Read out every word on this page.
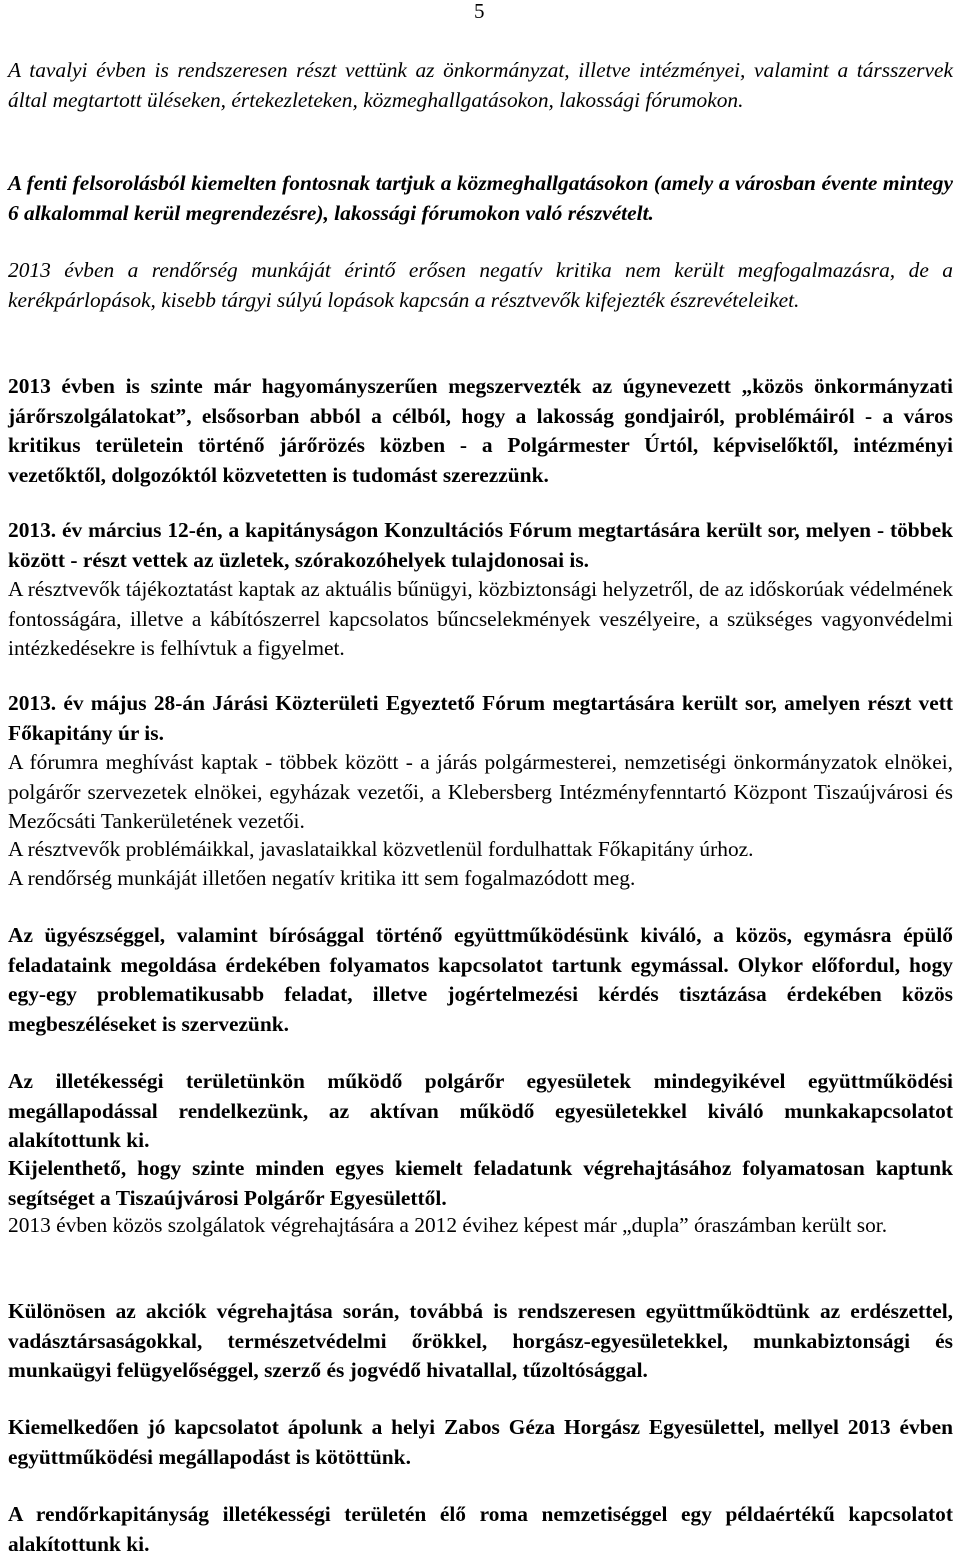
5

A tavalyi évben is rendszeresen részt vettünk az önkormányzat, illetve intézményei, valamint a társszervek által megtartott üléseken, értekezleteken, közmeghallgatásokon, lakossági fórumokon.

A fenti felsorolásból kiemelten fontosnak tartjuk a közmeghallgatásokon (amely a városban évente mintegy 6 alkalommal kerül megrendezésre), lakossági fórumokon való részvételt.

2013 évben a rendőrség munkáját érintő erősen negatív kritika nem került megfogalmazásra, de a kerékpárlopások, kisebb tárgyi súlyú lopások kapcsán a résztvevők kifejezték észrevételeiket.

2013 évben is szinte már hagyományszerűen megszervezték az úgynevezett „közös önkormányzati járőrszolgálatokat”, elsősorban abból a célból, hogy a lakosság gondjairól, problémáiról - a város kritikus területein történő járőrözés közben - a Polgármester Úrtól, képviselőktől, intézményi vezetőktől, dolgozóktól közvetetten is tudomást szerezzünk.

2013. év március 12-én, a kapitányságon Konzultációs Fórum megtartására került sor, melyen - többek között - részt vettek az üzletek, szórakozóhelyek tulajdonosai is.

A résztvevők tájékoztatást kaptak az aktuális bűnügyi, közbiztonsági helyzetről, de az időskorúak védelmének fontosságára, illetve a kábítószerrel kapcsolatos bűncselekmények veszélyeire, a szükséges vagyonvédelmi intézkedésekre is felhívtuk a figyelmet.

2013. év május 28-án Járási Közterületi Egyeztető Fórum megtartására került sor, amelyen részt vett Főkapitány úr is.

A fórumra meghívást kaptak - többek között - a járás polgármesterei, nemzetiségi önkormányzatok elnökei, polgárőr szervezetek elnökei, egyházak vezetői, a Klebersberg Intézményfenntartó Központ Tiszaújvárosi és Mezőcsáti Tankerületének vezetői.

A résztvevők problémáikkal, javaslataikkal közvetlenül fordulhattak Főkapitány úrhoz.

A rendőrség munkáját illetően negatív kritika itt sem fogalmazódott meg.

Az ügyészséggel, valamint bírósággal történő együttműködésünk kiváló, a közös, egymásra épülő feladataink megoldása érdekében folyamatos kapcsolatot tartunk egymással. Olykor előfordul, hogy egy-egy problematikusabb feladat, illetve jogértelmezési kérdés tisztázása érdekében közös megbeszéléseket is szervezünk.

Az illetékességi területünkön működő polgárőr egyesületek mindegyikével együttműködési megállapodással rendelkezünk, az aktívan működő egyesületekkel kiváló munkakapcsolatot alakítottunk ki.

Kijelenthető, hogy szinte minden egyes kiemelt feladatunk végrehajtásához folyamatosan kaptunk segítséget a Tiszaújvárosi Polgárőr Egyesülettől.

2013 évben közös szolgálatok végrehajtására a 2012 évihez képest már „dupla” óraszámban került sor.

Különösen az akciók végrehajtása során, továbbá is rendszeresen együttműködtünk az erdészettel, vadásztársaságokkal, természetvédelmi őrökkel, horgász-egyesületekkel, munkabiztonsági és munkaügyi felügyelőséggel, szerző és jogvédő hivatallal, tűzoltósággal.

Kiemelkedően jó kapcsolatot ápolunk a helyi Zabos Géza Horgász Egyesülettel, mellyel 2013 évben együttműködési megállapodást is kötöttünk.

A rendőrkapitányság illetékességi területén élő roma nemzetiséggel egy példaértékű kapcsolatot alakítottunk ki.
